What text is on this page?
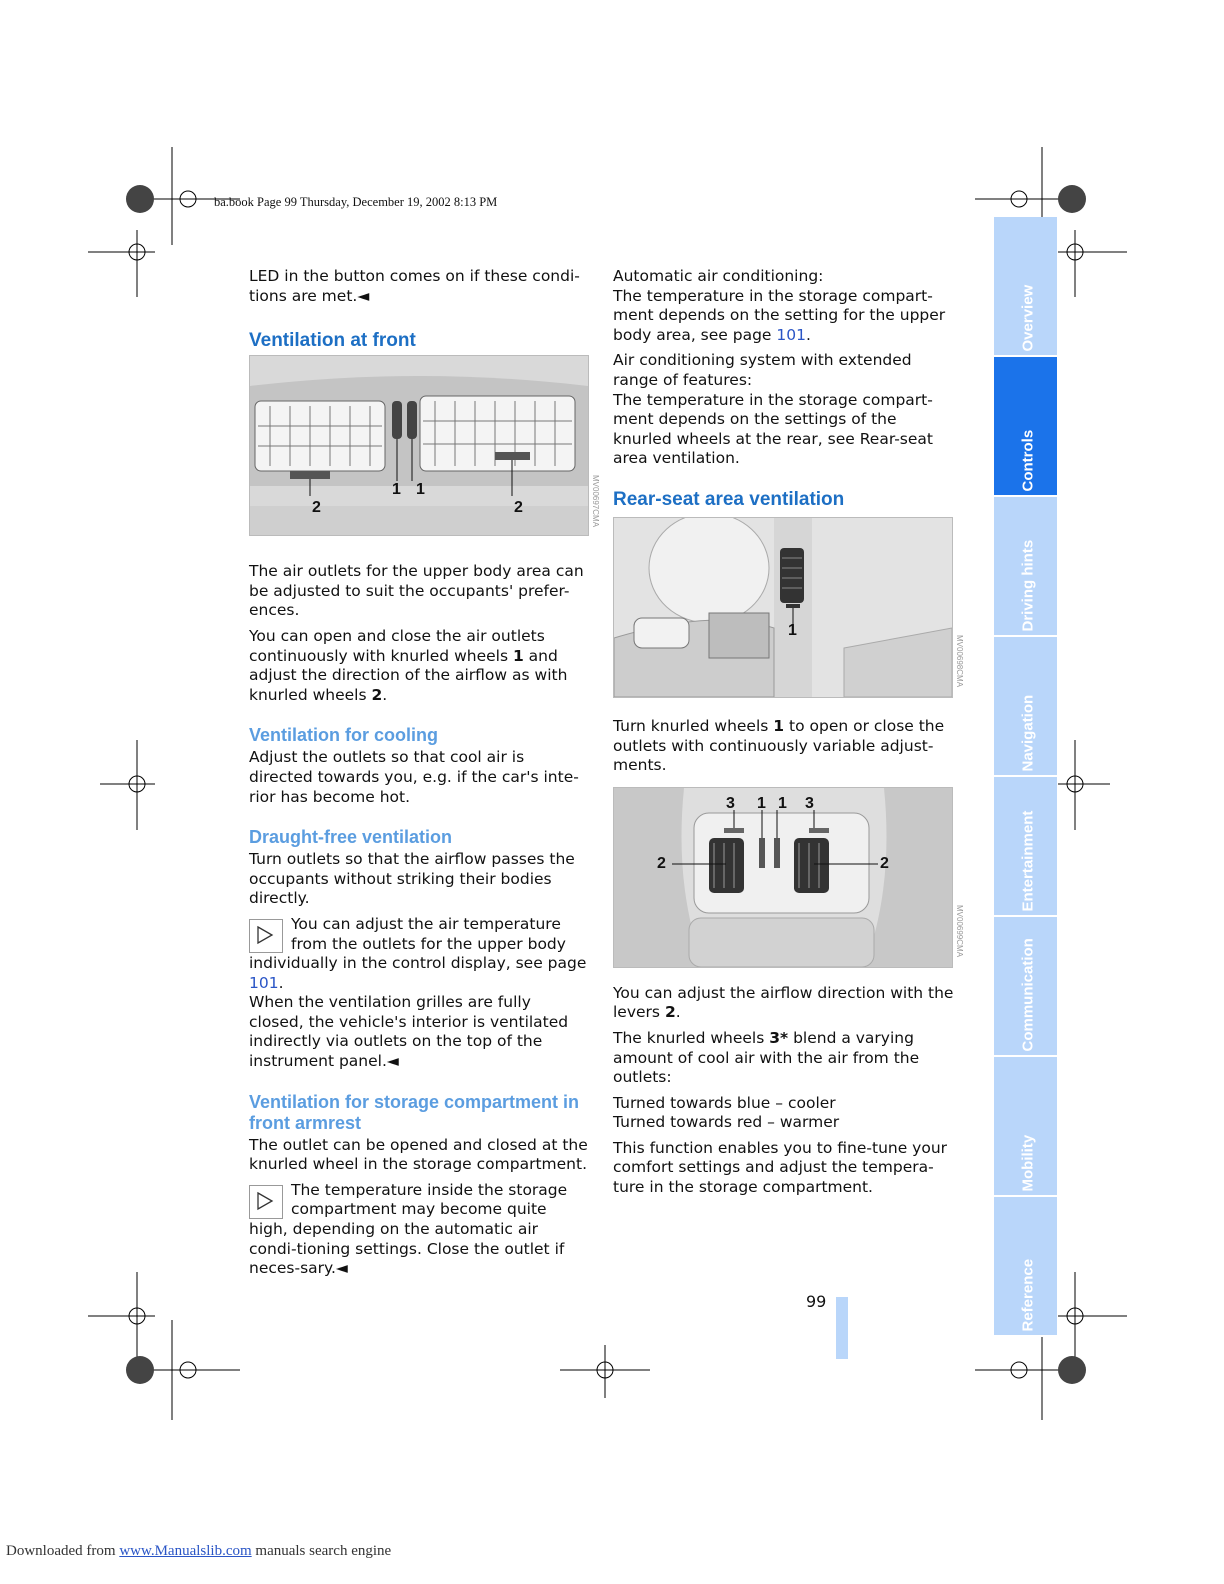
ba.book Page 99 Thursday, December 19, 2002 8:13 PM

LED in the button comes on if these condi-tions are met.◄

Ventilation at front

The air outlets for the upper body area can be adjusted to suit the occupants' prefer-ences.

You can open and close the air outlets continuously with knurled wheels 1 and adjust the direction of the airflow as with knurled wheels 2.

Ventilation for cooling

Adjust the outlets so that cool air is directed towards you, e.g. if the car's inte-rior has become hot.

Draught-free ventilation

Turn outlets so that the airflow passes the occupants without striking their bodies directly.

You can adjust the air temperature from the outlets for the upper body individually in the control display, see page 101.

When the ventilation grilles are fully closed, the vehicle's interior is ventilated indirectly via outlets on the top of the instrument panel.◄

Ventilation for storage compartment in front armrest

The outlet can be opened and closed at the knurled wheel in the storage compartment.

The temperature inside the storage compartment may become quite high, depending on the automatic air condi-tioning settings. Close the outlet if neces-sary.◄
1 1
2	2	MV00697CMA

Automatic air conditioning:

The temperature in the storage compart-ment depends on the setting for the upper body area, see page 101.

Air conditioning system with extended range of features:

The temperature in the storage compart-ment depends on the settings of the knurled wheels at the rear, see Rear-seat area ventilation.

Rear-seat area ventilation

Turn knurled wheels 1 to open or close the outlets with continuously variable adjust-ments.

You can adjust the airflow direction with the levers 2.

The knurled wheels 3* blend a varying amount of cool air with the air from the outlets:

Turned towards blue – cooler

Turned towards red – warmer

This function enables you to fine-tune your comfort settings and adjust the tempera-ture in the storage compartment.

1
MV00698CMA
3 1 1 3
2	2
MV00699CMA
Overview
Controls
Driving hints
Navigation
Entertainment
Communication
Mobility
Reference
99
Downloaded from www.Manualslib.com manuals search engine
